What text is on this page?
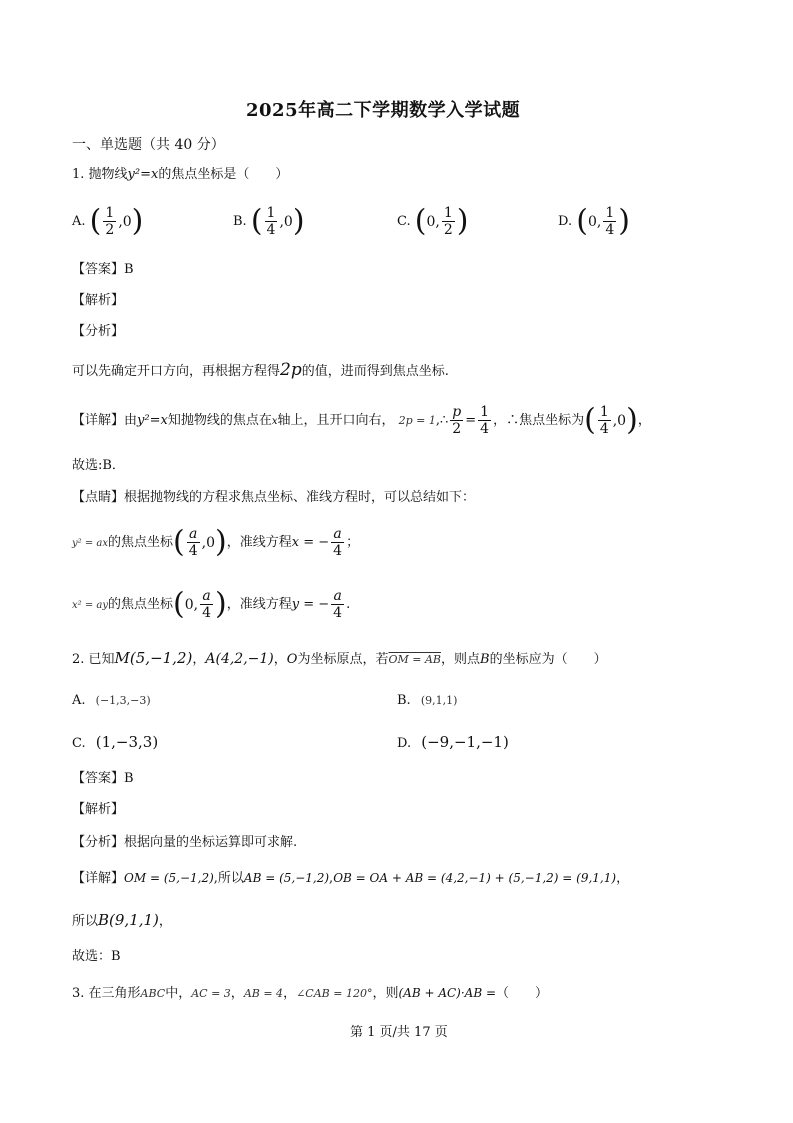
2025年高二下学期数学入学试题
一、单选题（共 40 分）
1. 抛物线y²=x的焦点坐标是（　　）
A. ( $\frac{1}{2} ,0$)	B. ( $\frac{1}{4} ,0$)	C. (0, $\frac{1}{2}$ )	D. (0, $\frac{1}{4}$ )
【答案】B
【解析】
【分析】
可以先确定开口方向，再根据方程得2p的值，进而得到焦点坐标.
【详解】由y²=x知抛物线的焦点在x轴上，且开口向右， 2p = 1,∴ $\frac{p}{2} = \frac{1}{4}$ ，∴焦点坐标为( $\frac{1}{4} ,0$)，
故选:B．
【点睛】根据抛物线的方程求焦点坐标、准线方程时，可以总结如下：
y² = ax的焦点坐标( $\frac{a}{4} ,0$)，准线方程x = − $\frac{a}{4}$ ；
x² = ay的焦点坐标(0, $\frac{a}{4}$ )，准线方程y = − $\frac{a}{4}$ .
2. 已知M(5,−1,2)，A(4,2,−1)，O为坐标原点，若OM = AB，则点B的坐标应为（　　）
A. (−1,3,−3)	B. (9,1,1)
C. (1,−3,3)	D. (−9,−1,−1)
【答案】B
【解析】
【分析】根据向量的坐标运算即可求解.
【详解】OM = (5,−1,2),所以AB = (5,−1,2),OB = OA + AB = (4,2,−1) + (5,−1,2) = (9,1,1)，
所以B(9,1,1)，
故选：B
3. 在三角形ABC中，AC = 3，AB = 4，∠CAB = 120°，则(AB + AC)·AB =（　　）
第 1 页/共 17 页
